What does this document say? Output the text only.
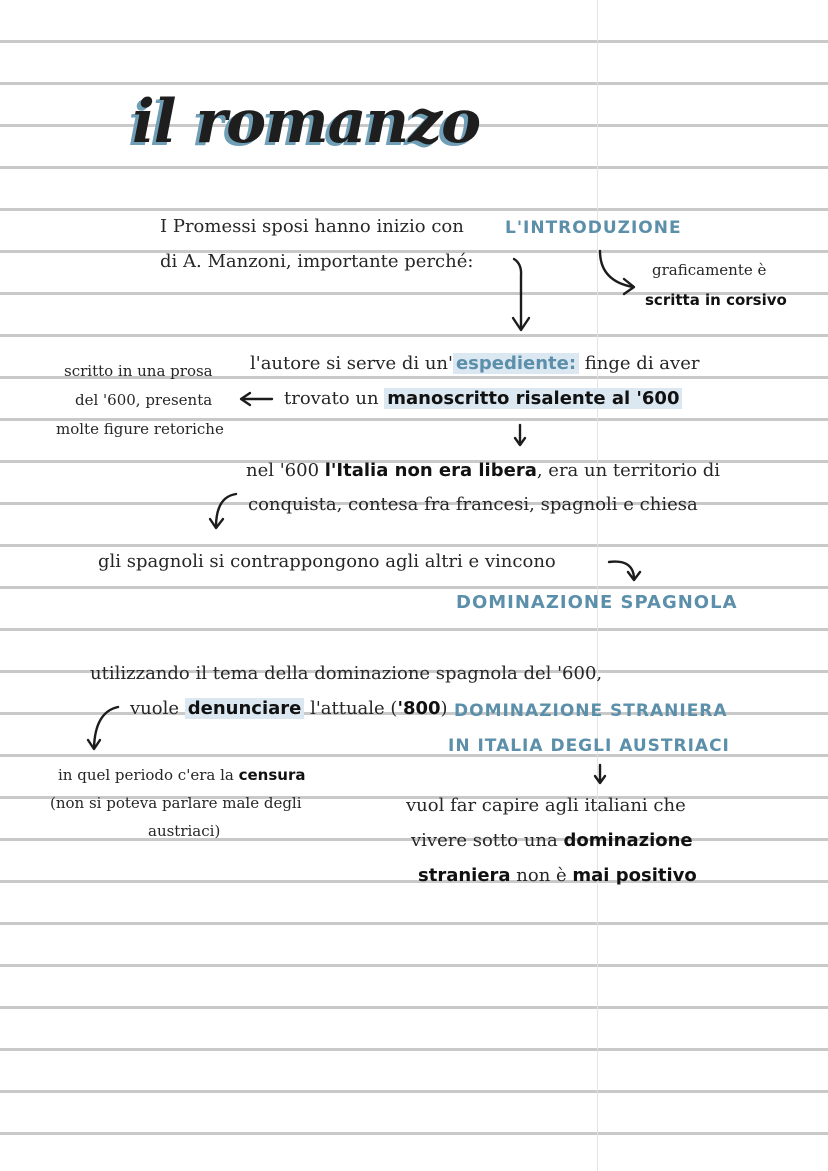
il romanzo
I Promessi sposi hanno inizio con L'INTRODUZIONE
di A. Manzoni, importante perché:	graficamente è
scritta in corsivo
l'autore si serve di un' espediente: finge di aver
trovato un manoscritto risalente al '600
scritto in una prosa
del '600, presenta
molte figure retoriche
nel '600 l'Italia non era libera, era un territorio di
conquista, contesa fra francesi, spagnoli e chiesa
gli spagnoli si contrappongono agli altri e vincono
DOMINAZIONE SPAGNOLA
utilizzando il tema della dominazione spagnola del '600,
vuole denunciare l'attuale ('800) DOMINAZIONE STRANIERA
IN ITALIA DEGLI AUSTRIACI
in quel periodo c'era la censura
(non si poteva parlare male degli
austriaci)
vuol far capire agli italiani che
vivere sotto una dominazione
straniera non è mai positivo
